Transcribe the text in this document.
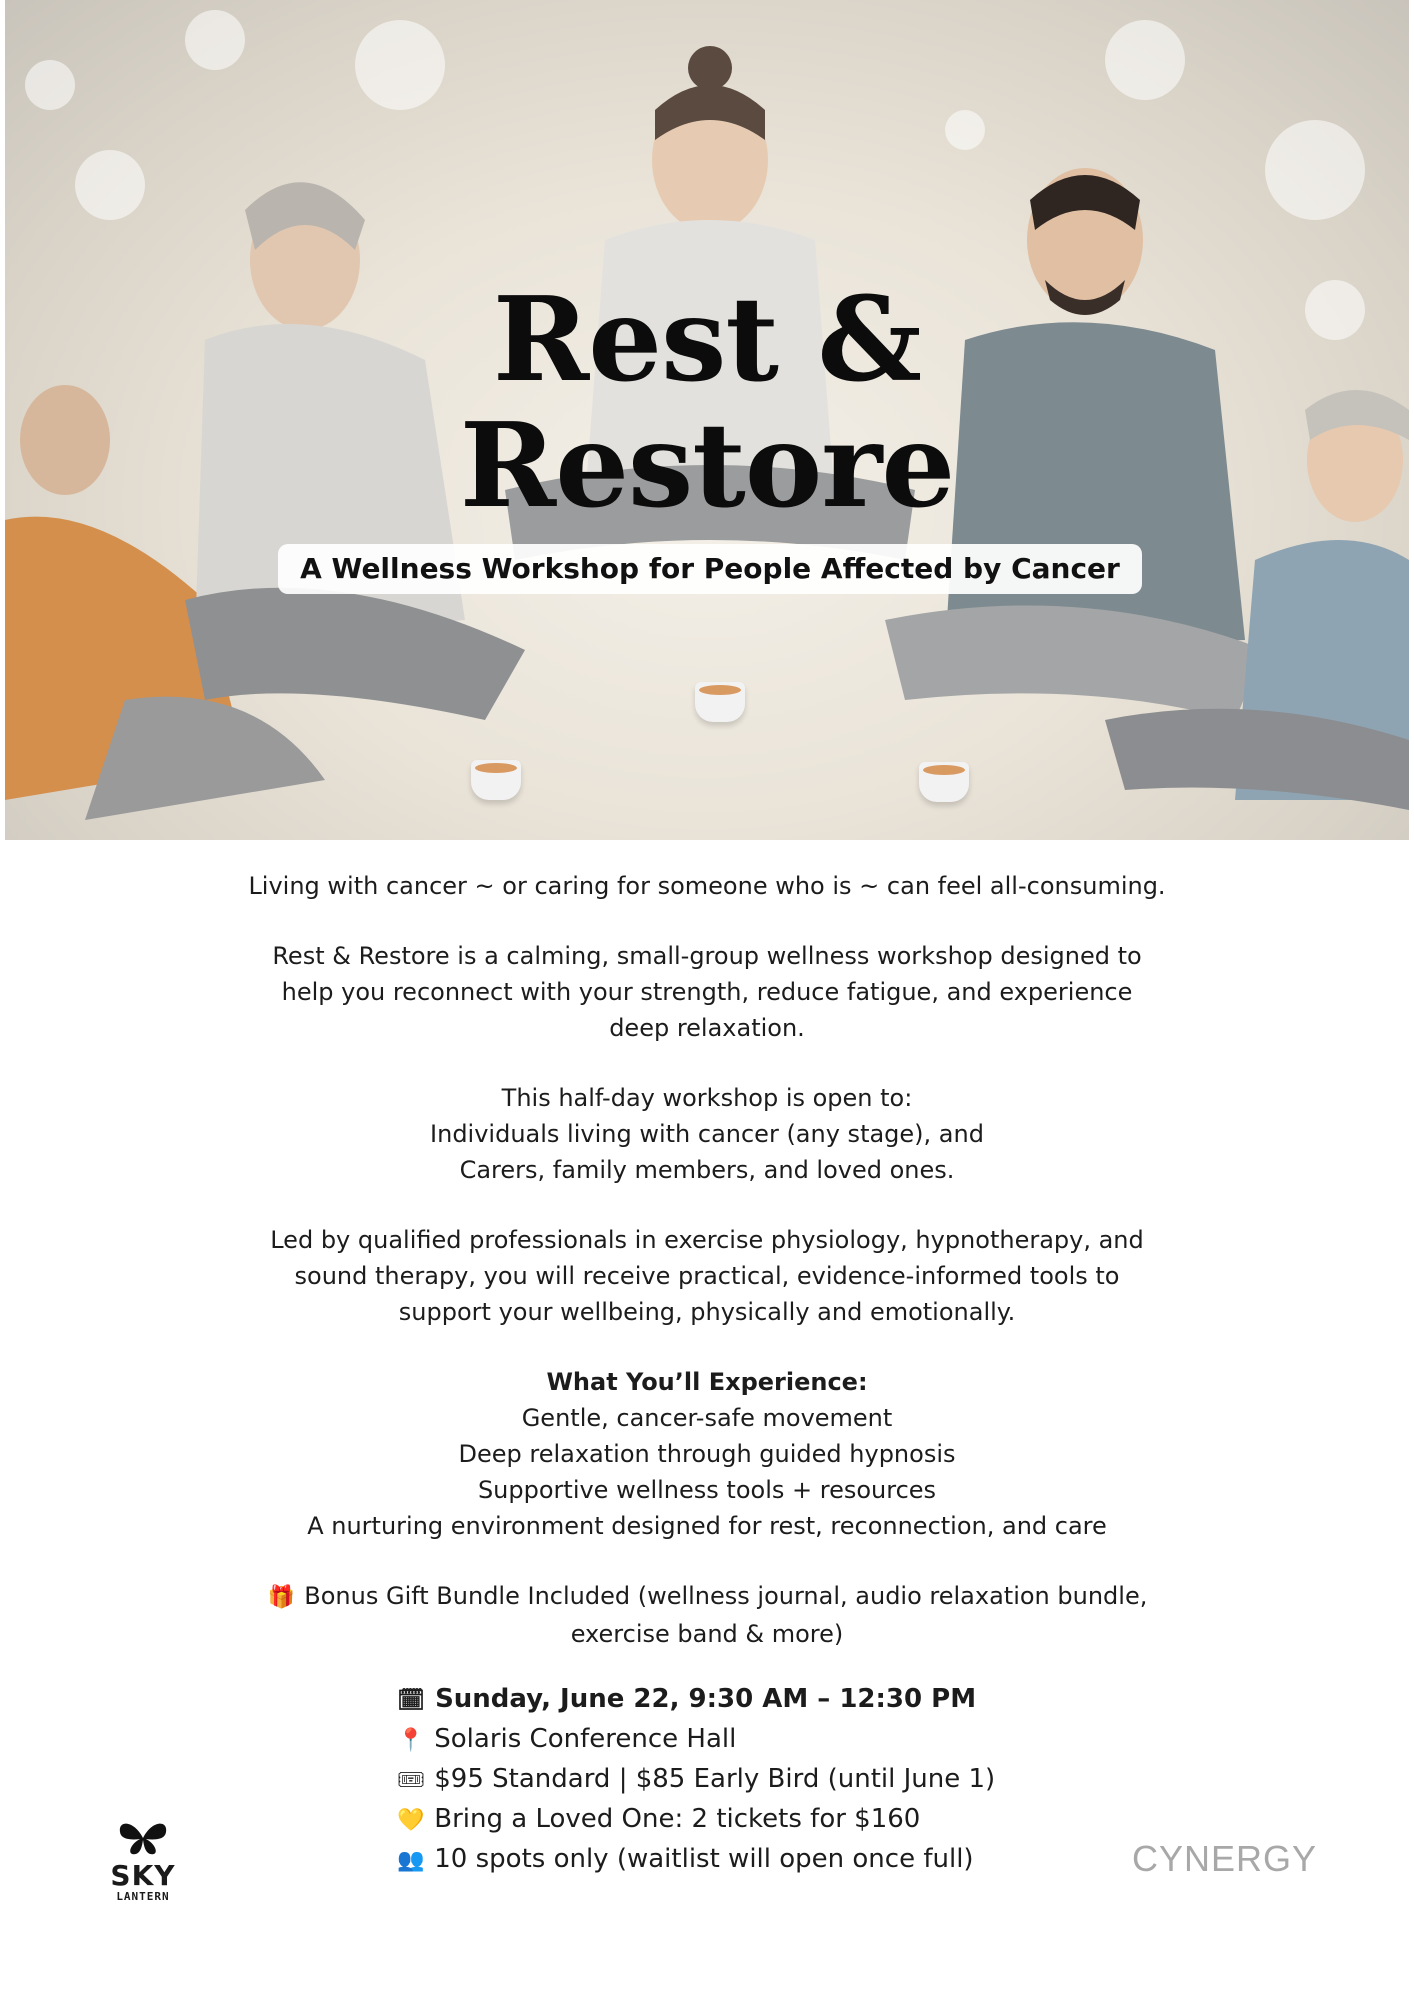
Rest &
Restore
A Wellness Workshop for People Affected by Cancer

Living with cancer ~ or caring for someone who is ~ can feel all-consuming.

Rest & Restore is a calming, small-group wellness workshop designed to

help you reconnect with your strength, reduce fatigue, and experience

deep relaxation.

This half-day workshop is open to:

Individuals living with cancer (any stage), and

Carers, family members, and loved ones.

Led by qualified professionals in exercise physiology, hypnotherapy, and

sound therapy, you will receive practical, evidence-informed tools to

support your wellbeing, physically and emotionally.

What You’ll Experience:

Gentle, cancer-safe movement

Deep relaxation through guided hypnosis

Supportive wellness tools + resources

A nurturing environment designed for rest, reconnection, and care

🎁 Bonus Gift Bundle Included (wellness journal, audio relaxation bundle,

exercise band & more)

🗓 Sunday, June 22, 9:30 AM – 12:30 PM
📍 Solaris Conference Hall
🎟 $95 Standard | $85 Early Bird (until June 1)
💛 Bring a Loved One: 2 tickets for $160
👥 10 spots only (waitlist will open once full)
SKY
LANTERN
CYNERGY
